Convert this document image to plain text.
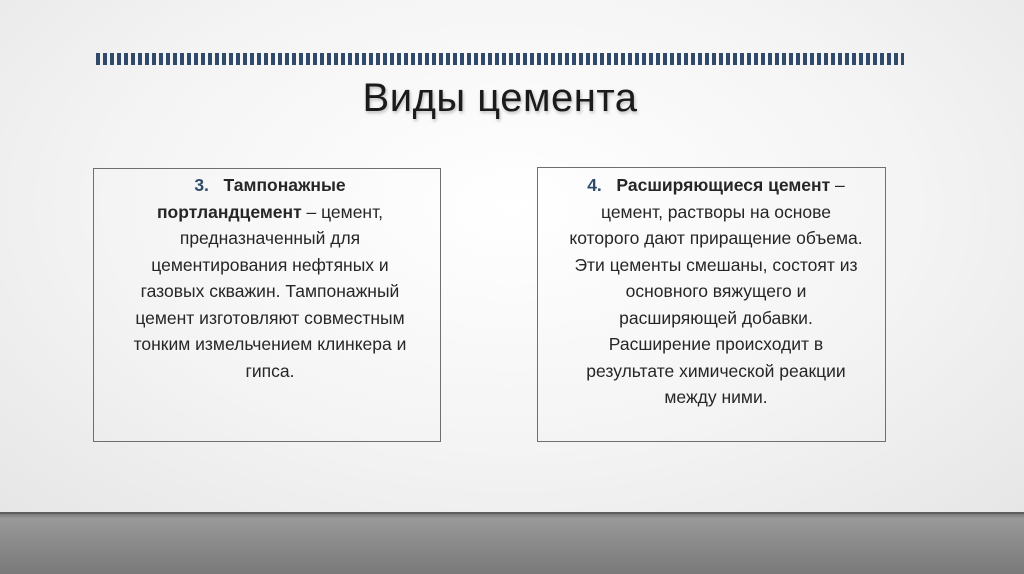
Виды цемента
3. Тампонажные портландцемент – цемент, предназначенный для цементирования нефтяных и газовых скважин. Тампонажный цемент изготовляют совместным тонким измельчением клинкера и гипса.
4. Расширяющиеся цемент – цемент, растворы на основе которого дают приращение объема. Эти цементы смешаны, состоят из основного вяжущего и расширяющей добавки. Расширение происходит в результате химической реакции между ними.
